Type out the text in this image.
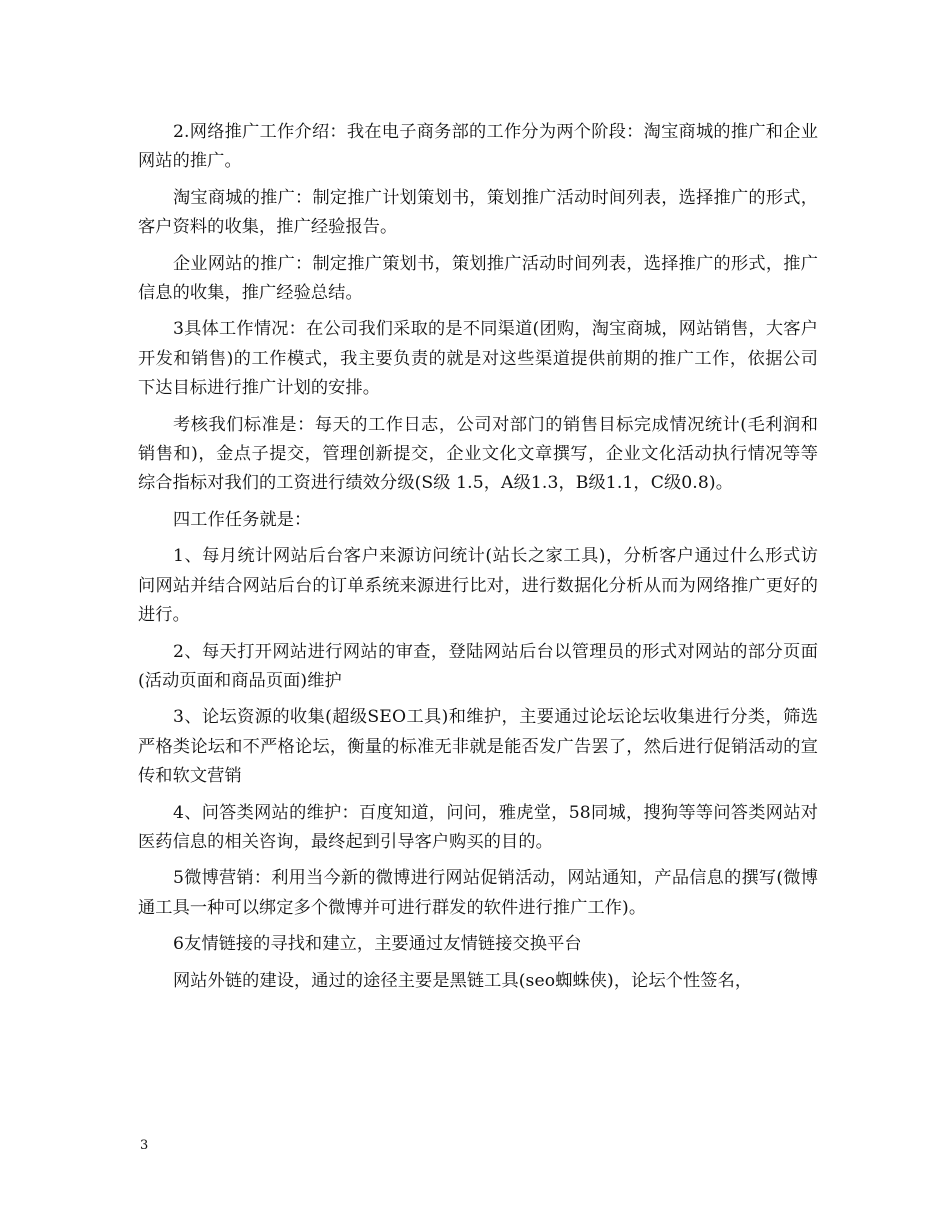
2.网络推广工作介绍：我在电子商务部的工作分为两个阶段：淘宝商城的推广和企业网站的推广。

淘宝商城的推广：制定推广计划策划书，策划推广活动时间列表，选择推广的形式，客户资料的收集，推广经验报告。

企业网站的推广：制定推广策划书，策划推广活动时间列表，选择推广的形式，推广信息的收集，推广经验总结。

3具体工作情况：在公司我们采取的是不同渠道(团购，淘宝商城，网站销售，大客户开发和销售)的工作模式，我主要负责的就是对这些渠道提供前期的推广工作，依据公司下达目标进行推广计划的安排。

考核我们标准是：每天的工作日志，公司对部门的销售目标完成情况统计(毛利润和销售和)，金点子提交，管理创新提交，企业文化文章撰写，企业文化活动执行情况等等综合指标对我们的工资进行绩效分级(S级 1.5，A级1.3，B级1.1，C级0.8)。

四工作任务就是：

1、每月统计网站后台客户来源访问统计(站长之家工具)，分析客户通过什么形式访问网站并结合网站后台的订单系统来源进行比对，进行数据化分析从而为网络推广更好的进行。

2、每天打开网站进行网站的审查，登陆网站后台以管理员的形式对网站的部分页面(活动页面和商品页面)维护

3、论坛资源的收集(超级SEO工具)和维护，主要通过论坛论坛收集进行分类，筛选严格类论坛和不严格论坛，衡量的标准无非就是能否发广告罢了，然后进行促销活动的宣传和软文营销

4、问答类网站的维护：百度知道，问问，雅虎堂，58同城，搜狗等等问答类网站对医药信息的相关咨询，最终起到引导客户购买的目的。

5微博营销：利用当今新的微博进行网站促销活动，网站通知，产品信息的撰写(微博通工具一种可以绑定多个微博并可进行群发的软件进行推广工作)。

6友情链接的寻找和建立，主要通过友情链接交换平台

网站外链的建设，通过的途径主要是黑链工具(seo蜘蛛侠)，论坛个性签名，

3
